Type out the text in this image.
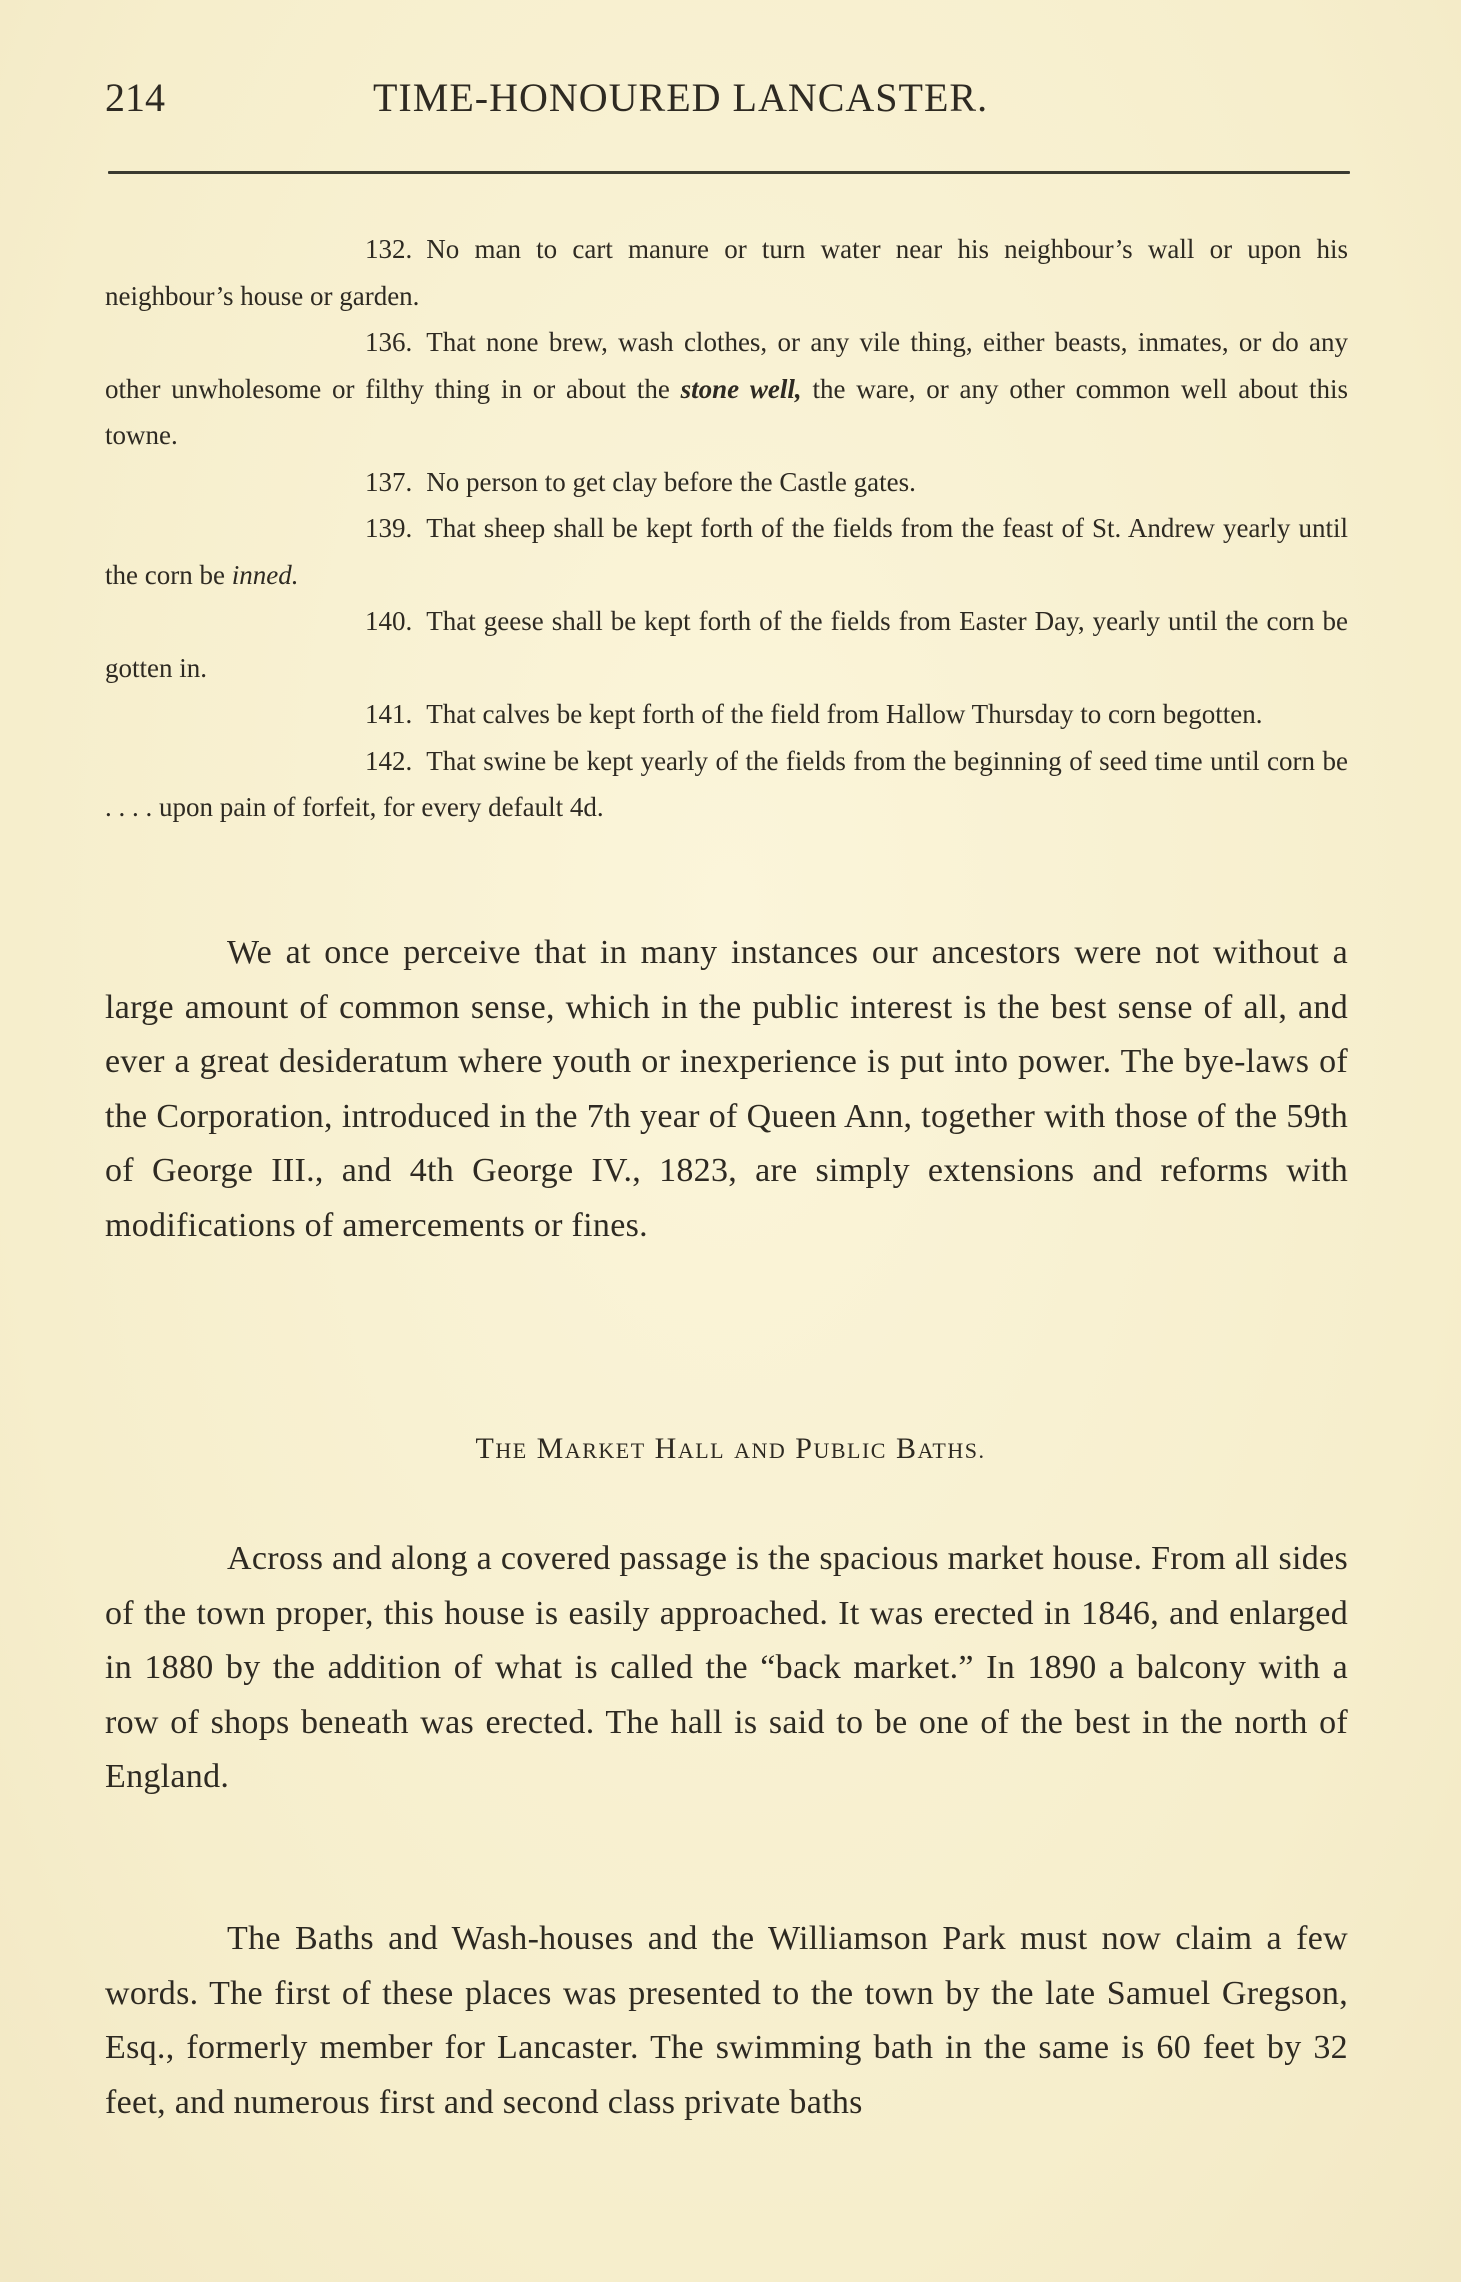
214	TIME-HONOURED LANCASTER.

132. No man to cart manure or turn water near his neighbour’s wall or upon his neighbour’s house or garden.

136. That none brew, wash clothes, or any vile thing, either beasts, inmates, or do any other unwholesome or filthy thing in or about the stone well, the ware, or any other common well about this towne.

137. No person to get clay before the Castle gates.

139. That sheep shall be kept forth of the fields from the feast of St. Andrew yearly until the corn be inned.

140. That geese shall be kept forth of the fields from Easter Day, yearly until the corn be gotten in.

141. That calves be kept forth of the field from Hallow Thursday to corn begotten.

142. That swine be kept yearly of the fields from the beginning of seed time until corn be . . . . upon pain of forfeit, for every default 4d.

We at once perceive that in many instances our ancestors were not without a large amount of common sense, which in the public interest is the best sense of all, and ever a great desideratum where youth or inexperience is put into power. The bye-laws of the Corporation, introduced in the 7th year of Queen Ann, together with those of the 59th of George III., and 4th George IV., 1823, are simply extensions and reforms with modifications of amercements or fines.

THE MARKET HALL AND PUBLIC BATHS.

Across and along a covered passage is the spacious market house. From all sides of the town proper, this house is easily approached. It was erected in 1846, and enlarged in 1880 by the addition of what is called the “back market.” In 1890 a balcony with a row of shops beneath was erected. The hall is said to be one of the best in the north of England.

The Baths and Wash-houses and the Williamson Park must now claim a few words. The first of these places was presented to the town by the late Samuel Gregson, Esq., formerly member for Lancaster. The swimming bath in the same is 60 feet by 32 feet, and numerous first and second class private baths
